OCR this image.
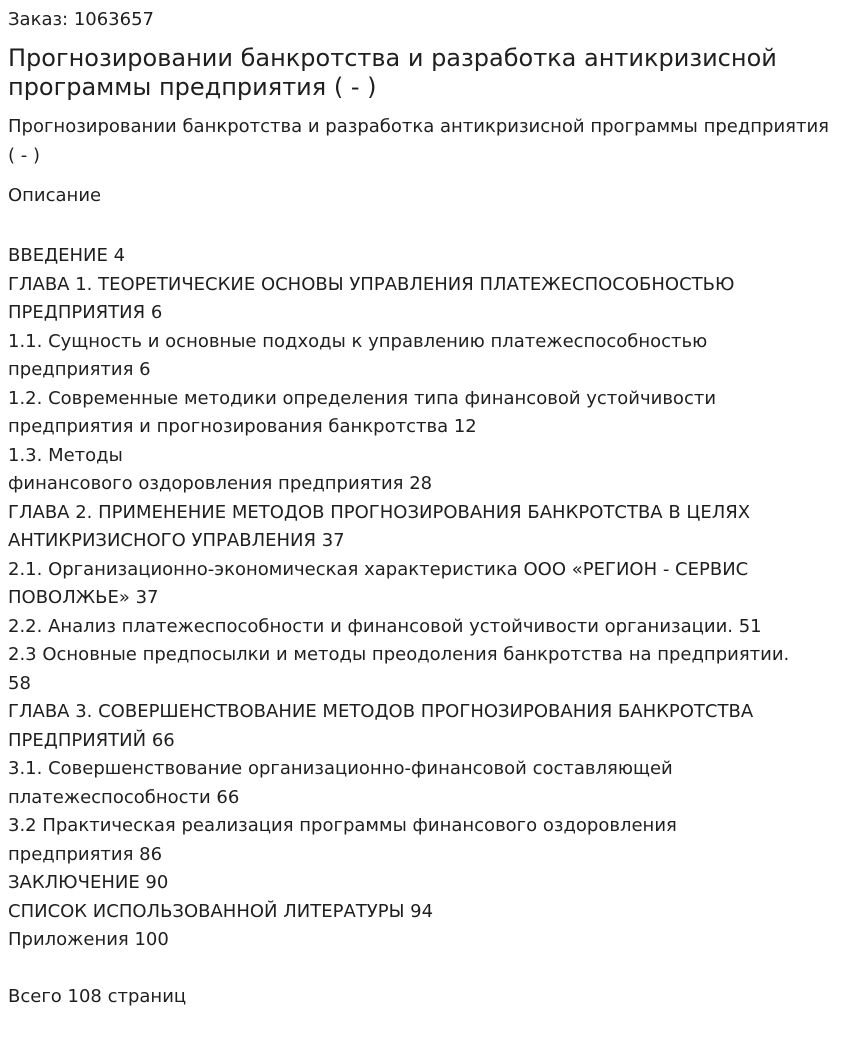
Заказ: 1063657
Прогнозировании банкротства и разработка антикризисной программы предприятия ( - )
Прогнозировании банкротства и разработка антикризисной программы предприятия ( - )
Описание
ВВЕДЕНИЕ 4
ГЛАВА 1. ТЕОРЕТИЧЕСКИЕ ОСНОВЫ УПРАВЛЕНИЯ ПЛАТЕЖЕСПОСОБНОСТЬЮ
ПРЕДПРИЯТИЯ 6
1.1. Сущность и основные подходы к управлению платежеспособностью
предприятия 6
1.2. Современные методики определения типа финансовой устойчивости
предприятия и прогнозирования банкротства 12
1.3. Методы
финансового оздоровления предприятия 28
ГЛАВА 2. ПРИМЕНЕНИЕ МЕТОДОВ ПРОГНОЗИРОВАНИЯ БАНКРОТСТВА В ЦЕЛЯХ
АНТИКРИЗИСНОГО УПРАВЛЕНИЯ 37
2.1. Организационно-экономическая характеристика ООО «РЕГИОН - СЕРВИС
ПОВОЛЖЬЕ» 37
2.2. Анализ платежеспособности и финансовой устойчивости организации. 51
2.3 Основные предпосылки и методы преодоления банкротства на предприятии.
58
ГЛАВА 3. СОВЕРШЕНСТВОВАНИЕ МЕТОДОВ ПРОГНОЗИРОВАНИЯ БАНКРОТСТВА
ПРЕДПРИЯТИЙ 66
3.1. Совершенствование организационно-финансовой составляющей
платежеспособности 66
3.2 Практическая реализация программы финансового оздоровления
предприятия 86
ЗАКЛЮЧЕНИЕ 90
СПИСОК ИСПОЛЬЗОВАННОЙ ЛИТЕРАТУРЫ 94
Приложения 100
Всего 108 страниц
